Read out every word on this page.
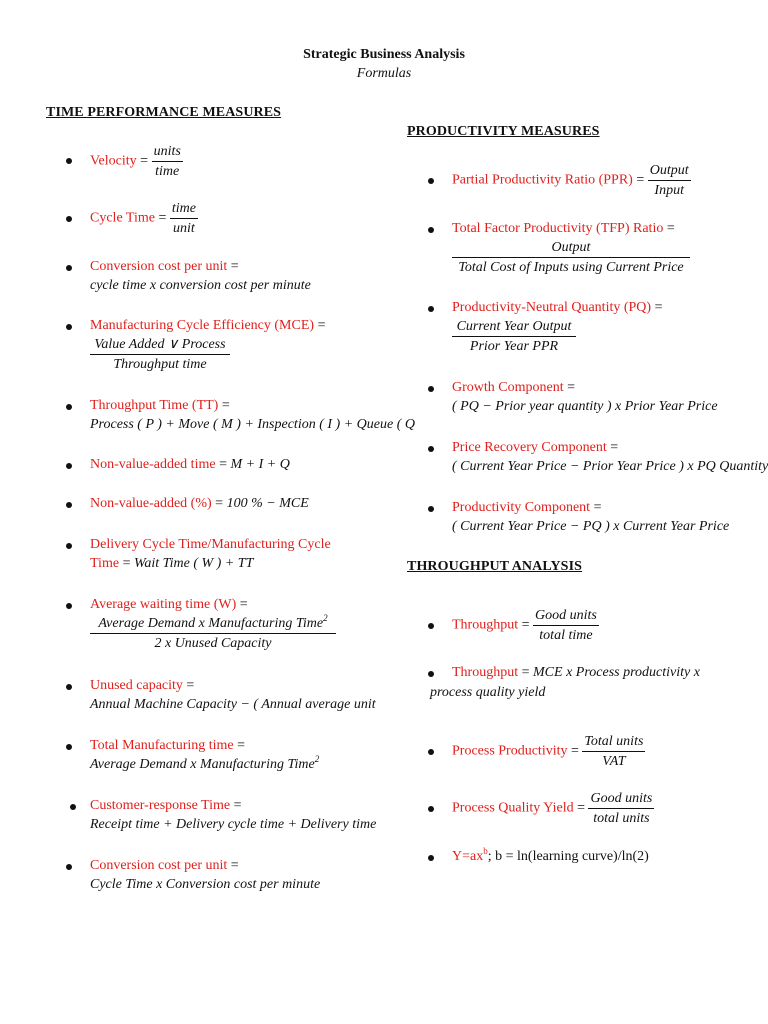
Strategic Business Analysis
Formulas
TIME PERFORMANCE MEASURES
Velocity = $\frac{\text{units}}{\text{time}}$
Cycle Time = $\frac{\text{time}}{\text{unit}}$
Conversion cost per unit =
cycle time x conversion cost per minute
Manufacturing Cycle Efficiency (MCE) =
Value Added ∨ Process
Throughput time
Throughput Time (TT) =
Process ( P ) + Move ( M ) + Inspection ( I ) + Queue ( Q
Non-value-added time = M + I + Q
Non-value-added (%) = 100 % − MCE
Delivery Cycle Time/Manufacturing Cycle
Time = Wait Time ( W ) + TT
Average waiting time (W) =
Average Demand x Manufacturing Time$^2$
2 x Unused Capacity
Unused capacity =
Annual Machine Capacity − ( Annual average unit
Total Manufacturing time =
Average Demand x Manufacturing Time$^2$
Customer-response Time =
Receipt time + Delivery cycle time + Delivery time
Conversion cost per unit =
Cycle Time x Conversion cost per minute
PRODUCTIVITY MEASURES
Partial Productivity Ratio $(PPR) = \frac{\text{Output}}{\text{Input}}$
Total Factor Productivity (TFP) Ratio =
Output
Total Cost of Inputs using Current Price
Productivity-Neutral Quantity (PQ) =
Current Year Output
Prior Year PPR
Growth Component =
( PQ − Prior year quantity ) x Prior Year Price
Price Recovery Component =
( Current Year Price − Prior Year Price ) x PQ Quantity
Productivity Component =
( Current Year Price − PQ ) x Current Year Price
THROUGHPUT ANALYSIS
Throughput = $\frac{\text{Good units}}{\text{total time}}$
Throughput = MCE x Process productivity x
process quality yield
Process Productivity = $\frac{\text{Total units}}{\text{VAT}}$
Process Quality Yield = $\frac{\text{Good units}}{\text{total units}}$
$Y=ax^b$; b = ln(learning curve)/ln(2)
